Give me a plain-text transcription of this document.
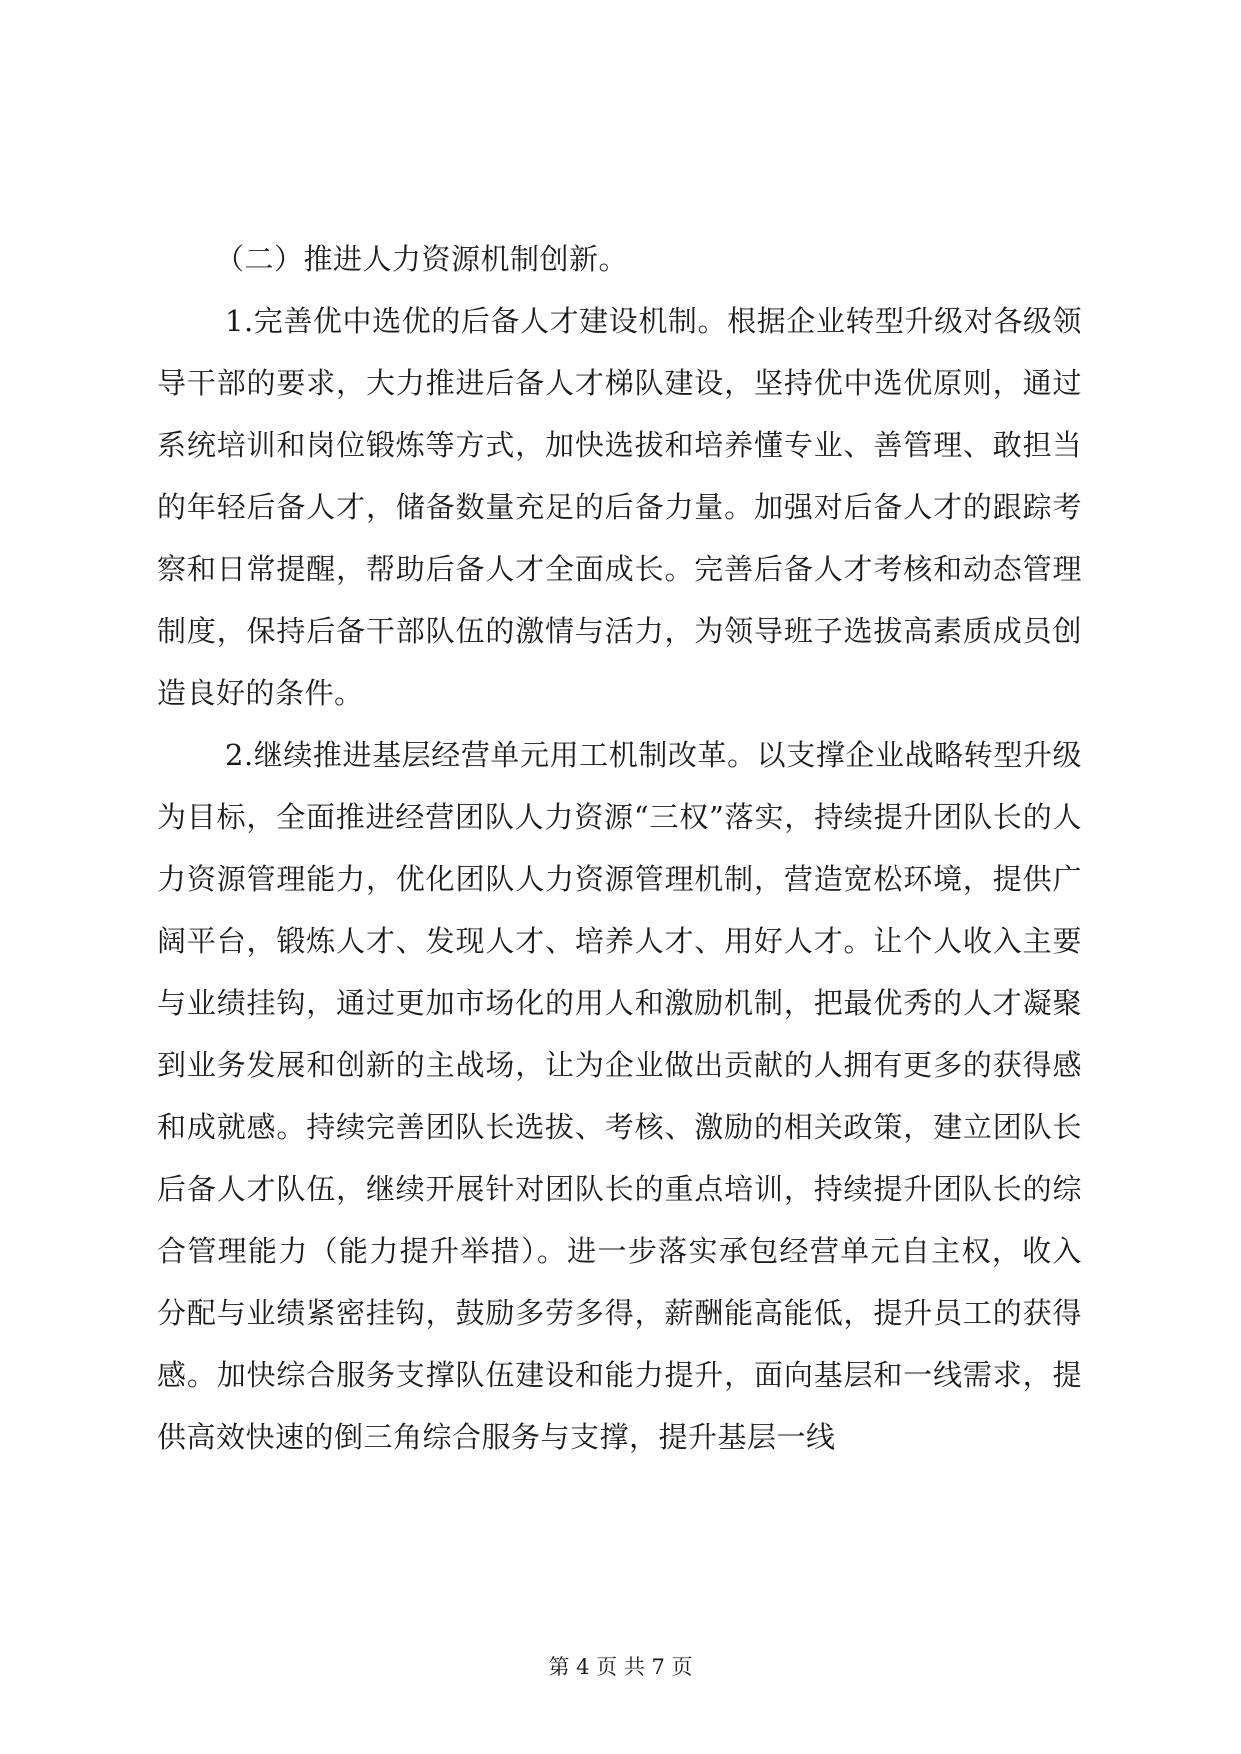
（二）推进人力资源机制创新。

1.完善优中选优的后备人才建设机制。根据企业转型升级对各级领导干部的要求，大力推进后备人才梯队建设，坚持优中选优原则，通过系统培训和岗位锻炼等方式，加快选拔和培养懂专业、善管理、敢担当的年轻后备人才，储备数量充足的后备力量。加强对后备人才的跟踪考察和日常提醒，帮助后备人才全面成长。完善后备人才考核和动态管理制度，保持后备干部队伍的激情与活力，为领导班子选拔高素质成员创造良好的条件。

2.继续推进基层经营单元用工机制改革。以支撑企业战略转型升级为目标，全面推进经营团队人力资源“三权”落实，持续提升团队长的人力资源管理能力，优化团队人力资源管理机制，营造宽松环境，提供广阔平台，锻炼人才、发现人才、培养人才、用好人才。让个人收入主要与业绩挂钩，通过更加市场化的用人和激励机制，把最优秀的人才凝聚到业务发展和创新的主战场，让为企业做出贡献的人拥有更多的获得感和成就感。持续完善团队长选拔、考核、激励的相关政策，建立团队长后备人才队伍，继续开展针对团队长的重点培训，持续提升团队长的综合管理能力（能力提升举措）。进一步落实承包经营单元自主权，收入分配与业绩紧密挂钩，鼓励多劳多得，薪酬能高能低，提升员工的获得感。加快综合服务支撑队伍建设和能力提升，面向基层和一线需求，提供高效快速的倒三角综合服务与支撑，提升基层一线

第 4 页 共 7 页
